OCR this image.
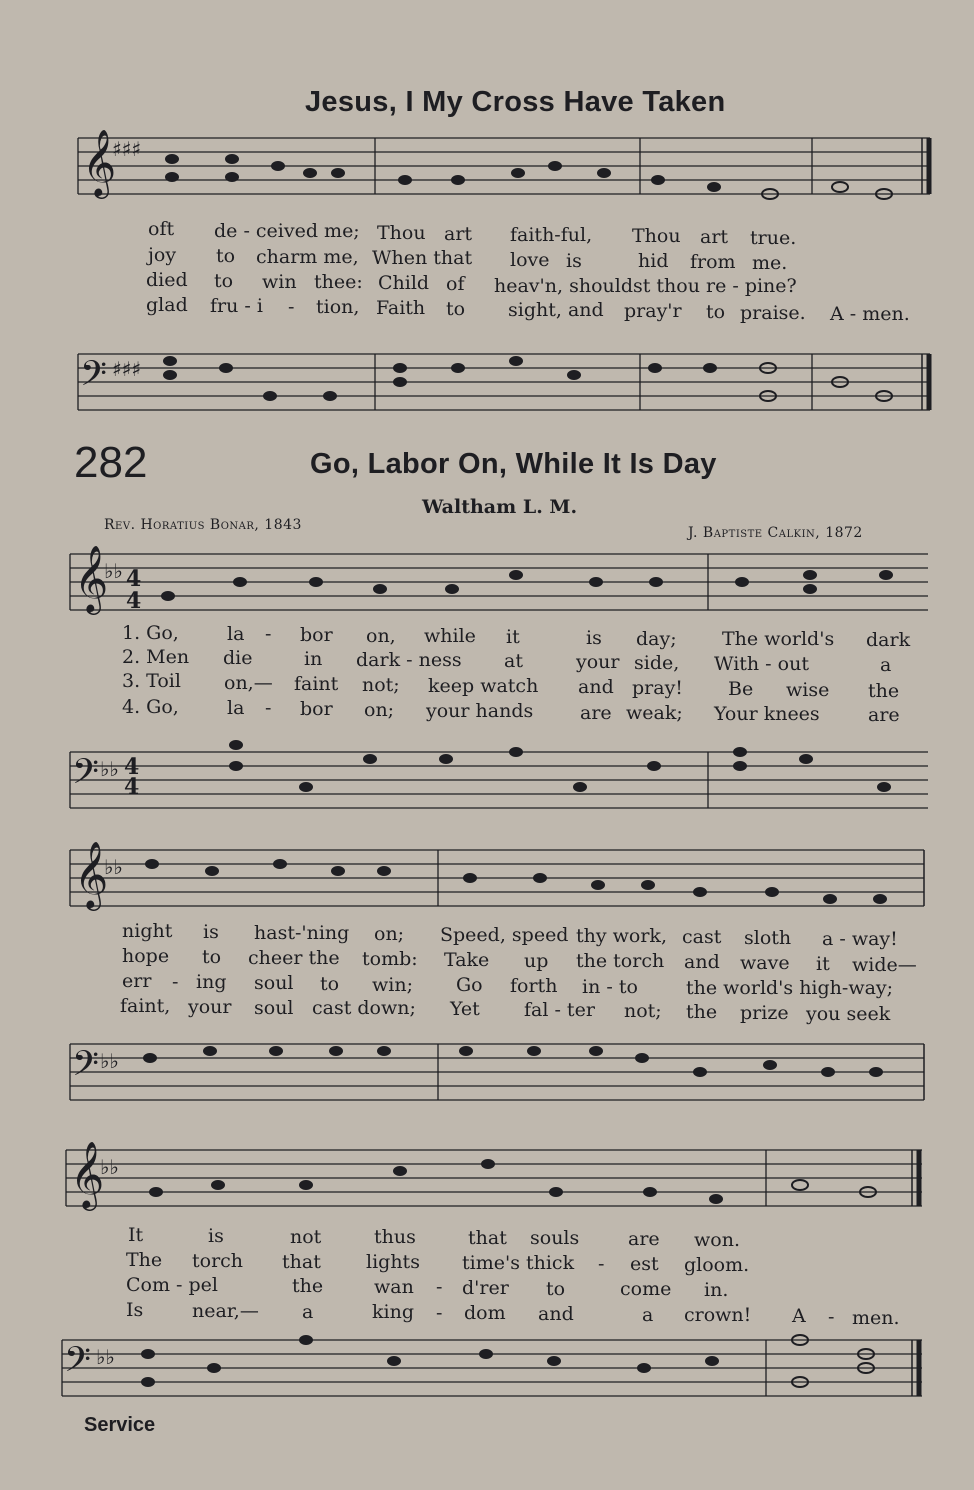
Jesus, I My Cross Have Taken
𝄞
♯♯♯
oft de - ceived me; Thou art faith-ful, Thou art true.
joy to charm me, When that love is	hid from me.
died to win thee: Child of heav'n, shouldst thou re - pine?
glad fru - i - tion, Faith to sight, and pray'r to praise. A - men.
𝄢 ♯♯♯
282	Go, Labor On, While It Is Day
Waltham L. M.
Rev. Horatius Bonar, 1843	J. Baptiste Calkin, 1872
𝄞
♭♭ 4
4
1. Go,	la - bor on, while it	is day; The world's dark
2. Men die	in dark - ness at	your side, With - out	a
3. Toil on,— faint not; keep watch and pray! Be wise the
4. Go,	la - bor on; your hands are weak; Your knees	are
𝄢 ♭♭ 4
4
𝄞
♭♭
night is hast-'ning on; Speed, speed thy work, cast sloth a - way!
hope to cheer the tomb: Take up the torch and wave it wide—
err - ing soul to win; Go forth in - to	the world's high-way;
faint, your soul cast down; Yet fal - ter not; the prize you seek
𝄢 ♭♭
𝄞
♭♭
It	is	not	thus	that souls	are won.
The torch that lights time's thick - est gloom.
Com - pel	the	wan - d'rer to	come in.
Is	near,— a	king - dom and	a crown! A - men.
𝄢 ♭♭
Service
